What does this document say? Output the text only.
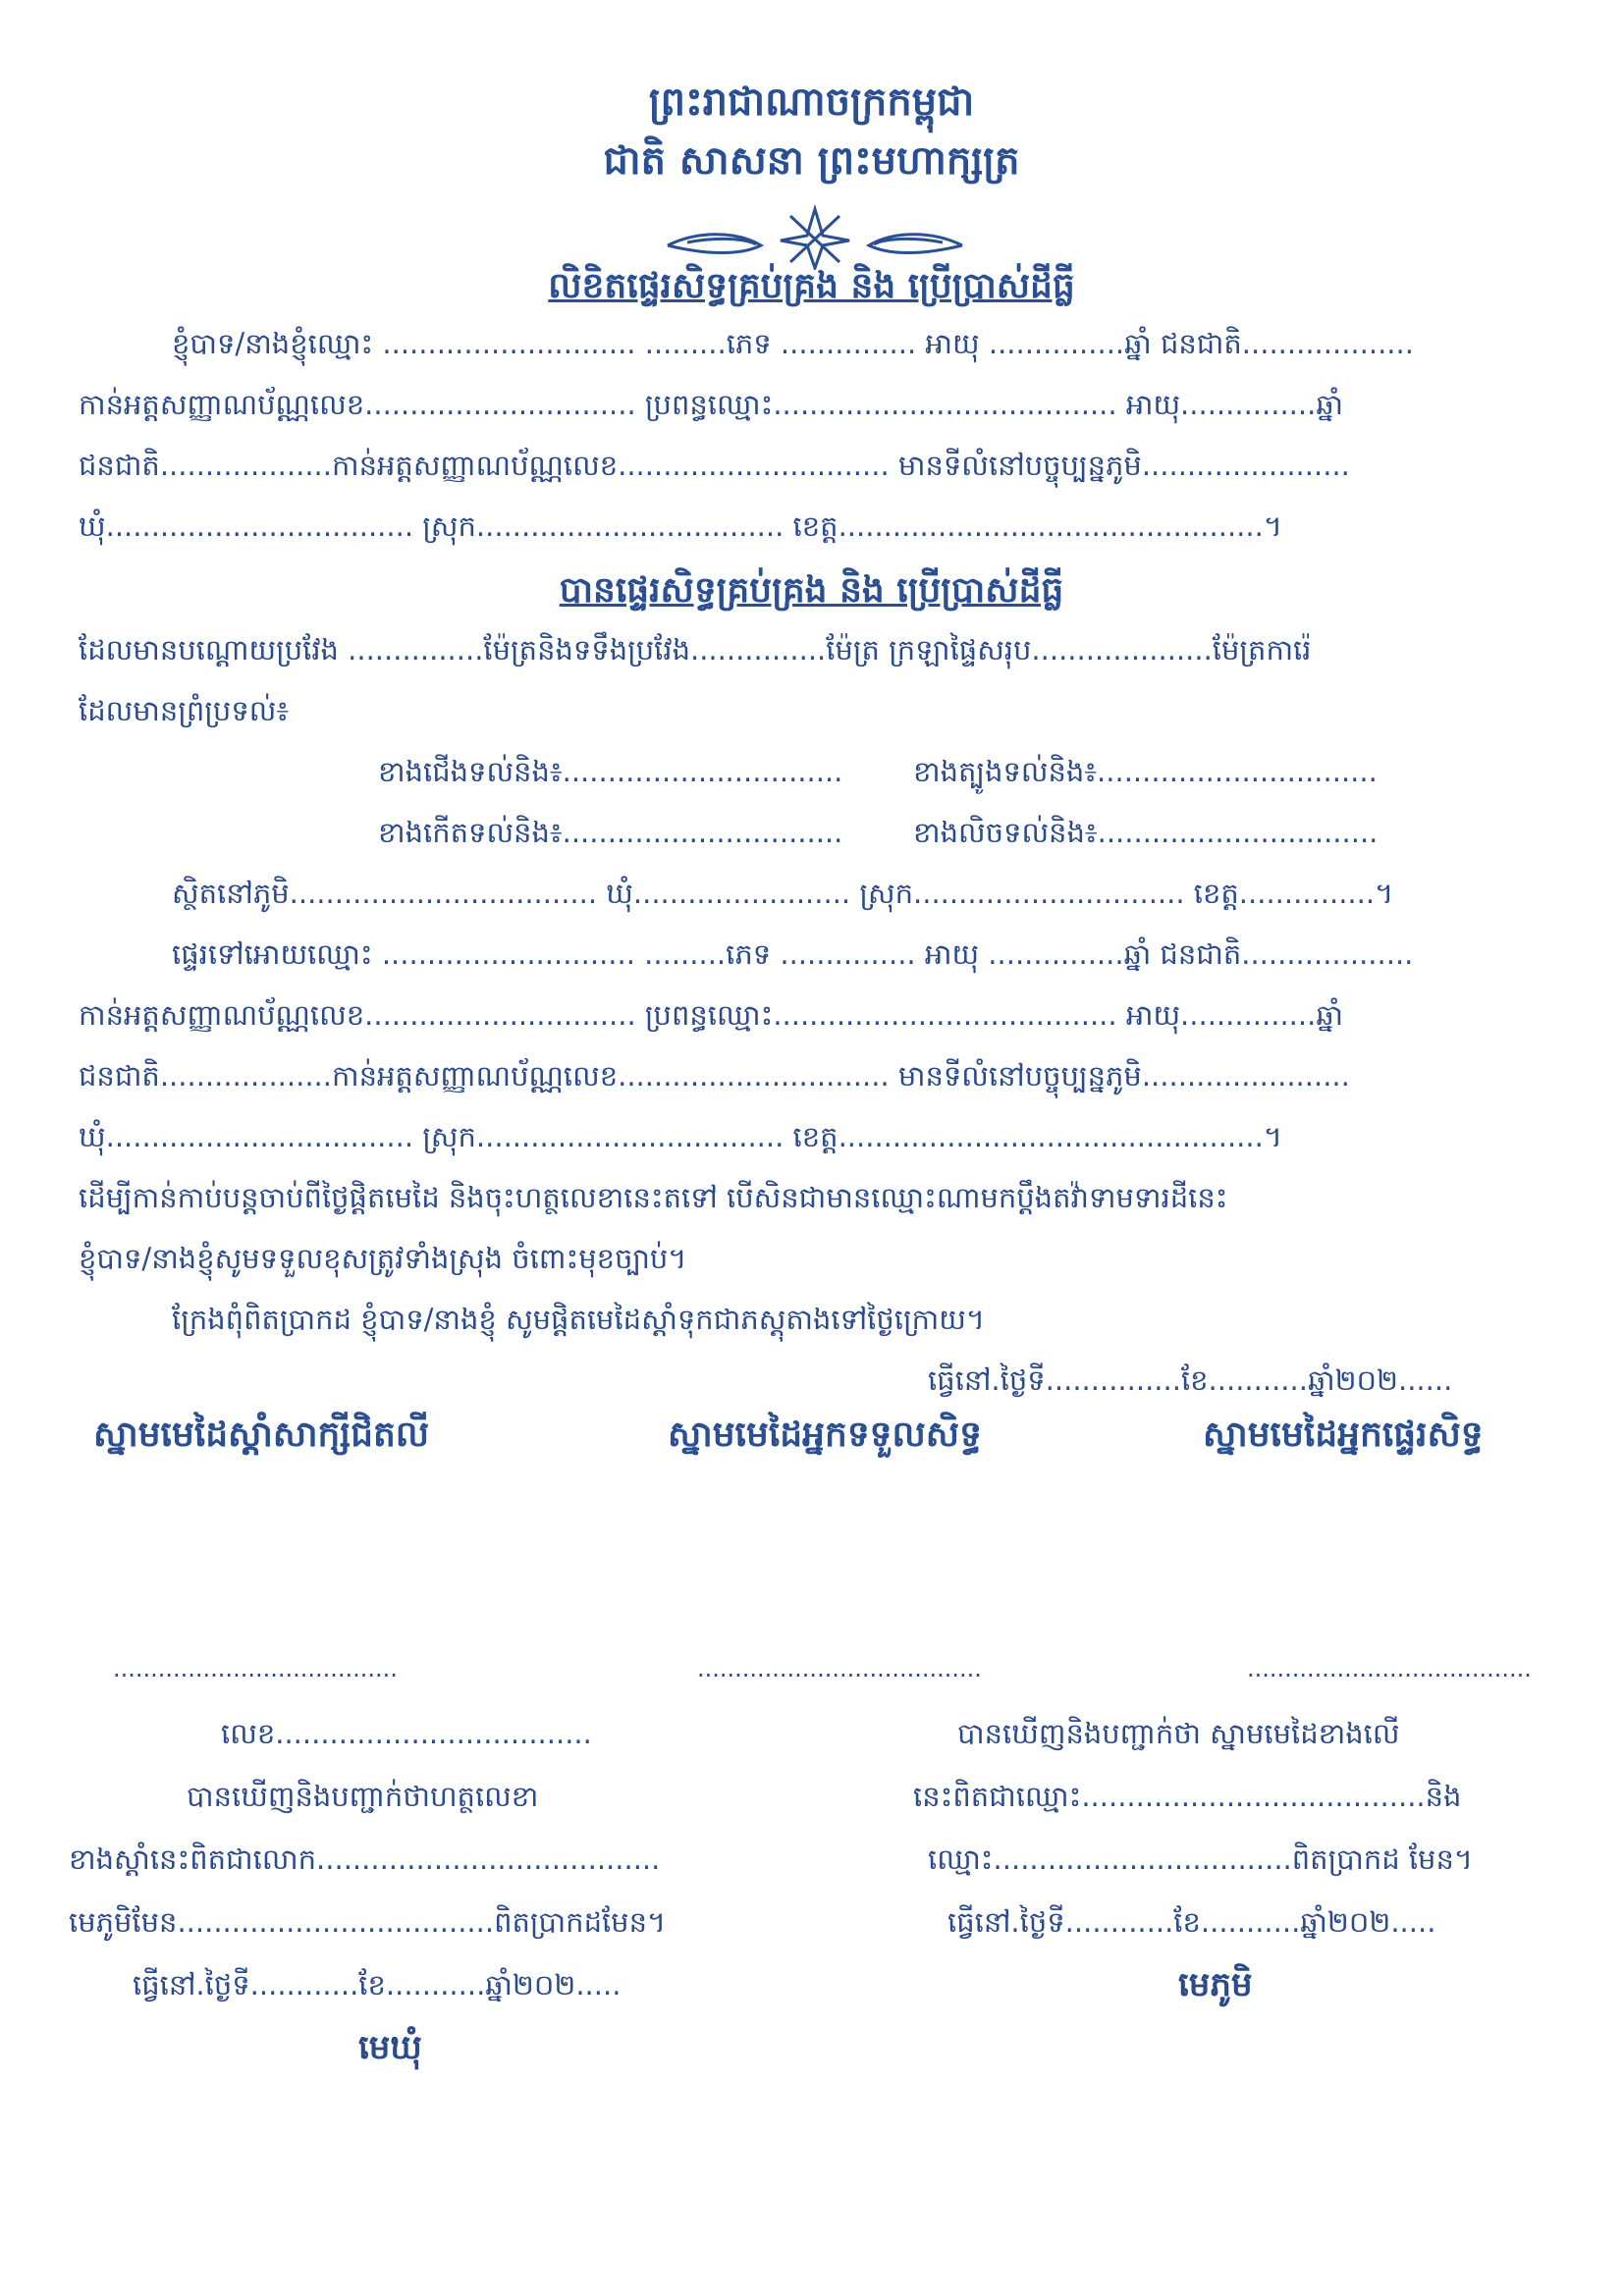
ព្រះរាជាណាចក្រកម្ពុជា
ជាតិ សាសនា ព្រះមហាក្សត្រ
លិខិតផ្ទេរសិទ្ធគ្រប់គ្រង និង ប្រើប្រាស់ដីធ្លី
ខ្ញុំបាទ/នាងខ្ញុំឈ្មោះ ............................ .........ភេទ ............... អាយុ ...............ឆ្នាំ ជនជាតិ...................
កាន់អត្តសញ្ញាណប័ណ្ណលេខ.............................. ប្រពន្ធឈ្មោះ...................................... អាយុ...............ឆ្នាំ
ជនជាតិ...................កាន់អត្តសញ្ញាណប័ណ្ណលេខ.............................. មានទីលំនៅបច្ចុប្បន្នភូមិ.......................
ឃុំ.................................. ស្រុក.................................. ខេត្ត...............................................។
បានផ្ទេរសិទ្ធគ្រប់គ្រង និង ប្រើប្រាស់ដីធ្លី
ដែលមានបណ្តោយប្រវែង ...............ម៉ែត្រនិងទទឹងប្រវែង...............ម៉ែត្រ ក្រឡាផ្ទៃសរុប....................ម៉ែត្រការ៉េ
ដែលមានព្រំប្រទល់៖
ខាងជើងទល់និង៖............................... ខាងត្បូងទល់និង៖...............................
ខាងកើតទល់និង៖............................... ខាងលិចទល់និង៖...............................
ស្ថិតនៅភូមិ.................................. ឃុំ........................ ស្រុក.............................. ខេត្ត...............។
ផ្ទេរទៅអោយឈ្មោះ ............................ .........ភេទ ............... អាយុ ...............ឆ្នាំ ជនជាតិ...................
កាន់អត្តសញ្ញាណប័ណ្ណលេខ.............................. ប្រពន្ធឈ្មោះ...................................... អាយុ...............ឆ្នាំ
ជនជាតិ...................កាន់អត្តសញ្ញាណប័ណ្ណលេខ.............................. មានទីលំនៅបច្ចុប្បន្នភូមិ.......................
ឃុំ.................................. ស្រុក.................................. ខេត្ត...............................................។
ដើម្បីកាន់កាប់បន្តចាប់ពីថ្ងៃផ្តិតមេដៃ និងចុះហត្ថលេខានេះតទៅ បើសិនជាមានឈ្មោះណាមកប្តឹងតវ៉ាទាមទារដីនេះ
ខ្ញុំបាទ/នាងខ្ញុំសូមទទួលខុសត្រូវទាំងស្រុង ចំពោះមុខច្បាប់។
ក្រែងពុំពិតប្រាកដ ខ្ញុំបាទ/នាងខ្ញុំ សូមផ្តិតមេដៃស្តាំទុកជាភស្តុតាងទៅថ្ងៃក្រោយ។
ធ្វើនៅ.ថ្ងៃទី...............ខែ...........ឆ្នាំ២០២......
ស្នាមមេដៃស្តាំសាក្សីជិតលី	ស្នាមមេដៃអ្នកទទួលសិទ្ធ	ស្នាមមេដៃអ្នកផ្ទេរសិទ្ធ
......................................	......................................	......................................
លេខ...................................
បានឃើញនិងបញ្ជាក់ថាហត្ថលេខា
ខាងស្តាំនេះពិតជាលោក......................................
មេភូមិមែន...................................ពិតប្រាកដមែន។
ធ្វើនៅ.ថ្ងៃទី............ខែ...........ឆ្នាំ២០២.....
មេឃុំ
បានឃើញនិងបញ្ជាក់ថា ស្នាមមេដៃខាងលើ
នេះពិតជាឈ្មោះ......................................និង
ឈ្មោះ.................................ពិតប្រាកដ មែន។
ធ្វើនៅ.ថ្ងៃទី............ខែ...........ឆ្នាំ២០២.....
មេភូមិ
